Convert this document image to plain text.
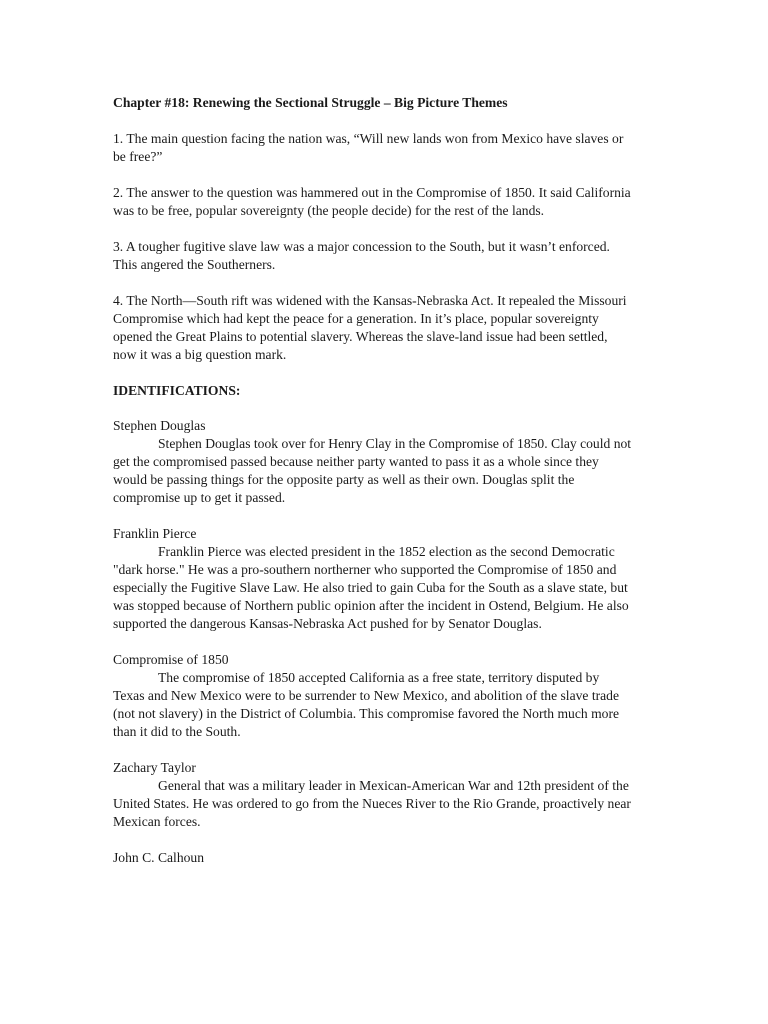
Chapter #18: Renewing the Sectional Struggle – Big Picture Themes

1. The main question facing the nation was, “Will new lands won from Mexico have slaves or be free?”

2. The answer to the question was hammered out in the Compromise of 1850. It said California was to be free, popular sovereignty (the people decide) for the rest of the lands.

3. A tougher fugitive slave law was a major concession to the South, but it wasn’t enforced. This angered the Southerners.

4. The North—South rift was widened with the Kansas-Nebraska Act. It repealed the Missouri Compromise which had kept the peace for a generation. In it’s place, popular sovereignty opened the Great Plains to potential slavery. Whereas the slave-land issue had been settled, now it was a big question mark.

IDENTIFICATIONS:

Stephen Douglas

Stephen Douglas took over for Henry Clay in the Compromise of 1850. Clay could not get the compromised passed because neither party wanted to pass it as a whole since they would be passing things for the opposite party as well as their own. Douglas split the compromise up to get it passed.

Franklin Pierce

Franklin Pierce was elected president in the 1852 election as the second Democratic "dark horse." He was a pro-southern northerner who supported the Compromise of 1850 and especially the Fugitive Slave Law. He also tried to gain Cuba for the South as a slave state, but was stopped because of Northern public opinion after the incident in Ostend, Belgium. He also supported the dangerous Kansas-Nebraska Act pushed for by Senator Douglas.

Compromise of 1850

The compromise of 1850 accepted California as a free state, territory disputed by Texas and New Mexico were to be surrender to New Mexico, and abolition of the slave trade (not not slavery) in the District of Columbia. This compromise favored the North much more than it did to the South.

Zachary Taylor

General that was a military leader in Mexican-American War and 12th president of the United States. He was ordered to go from the Nueces River to the Rio Grande, proactively near Mexican forces.

John C. Calhoun
